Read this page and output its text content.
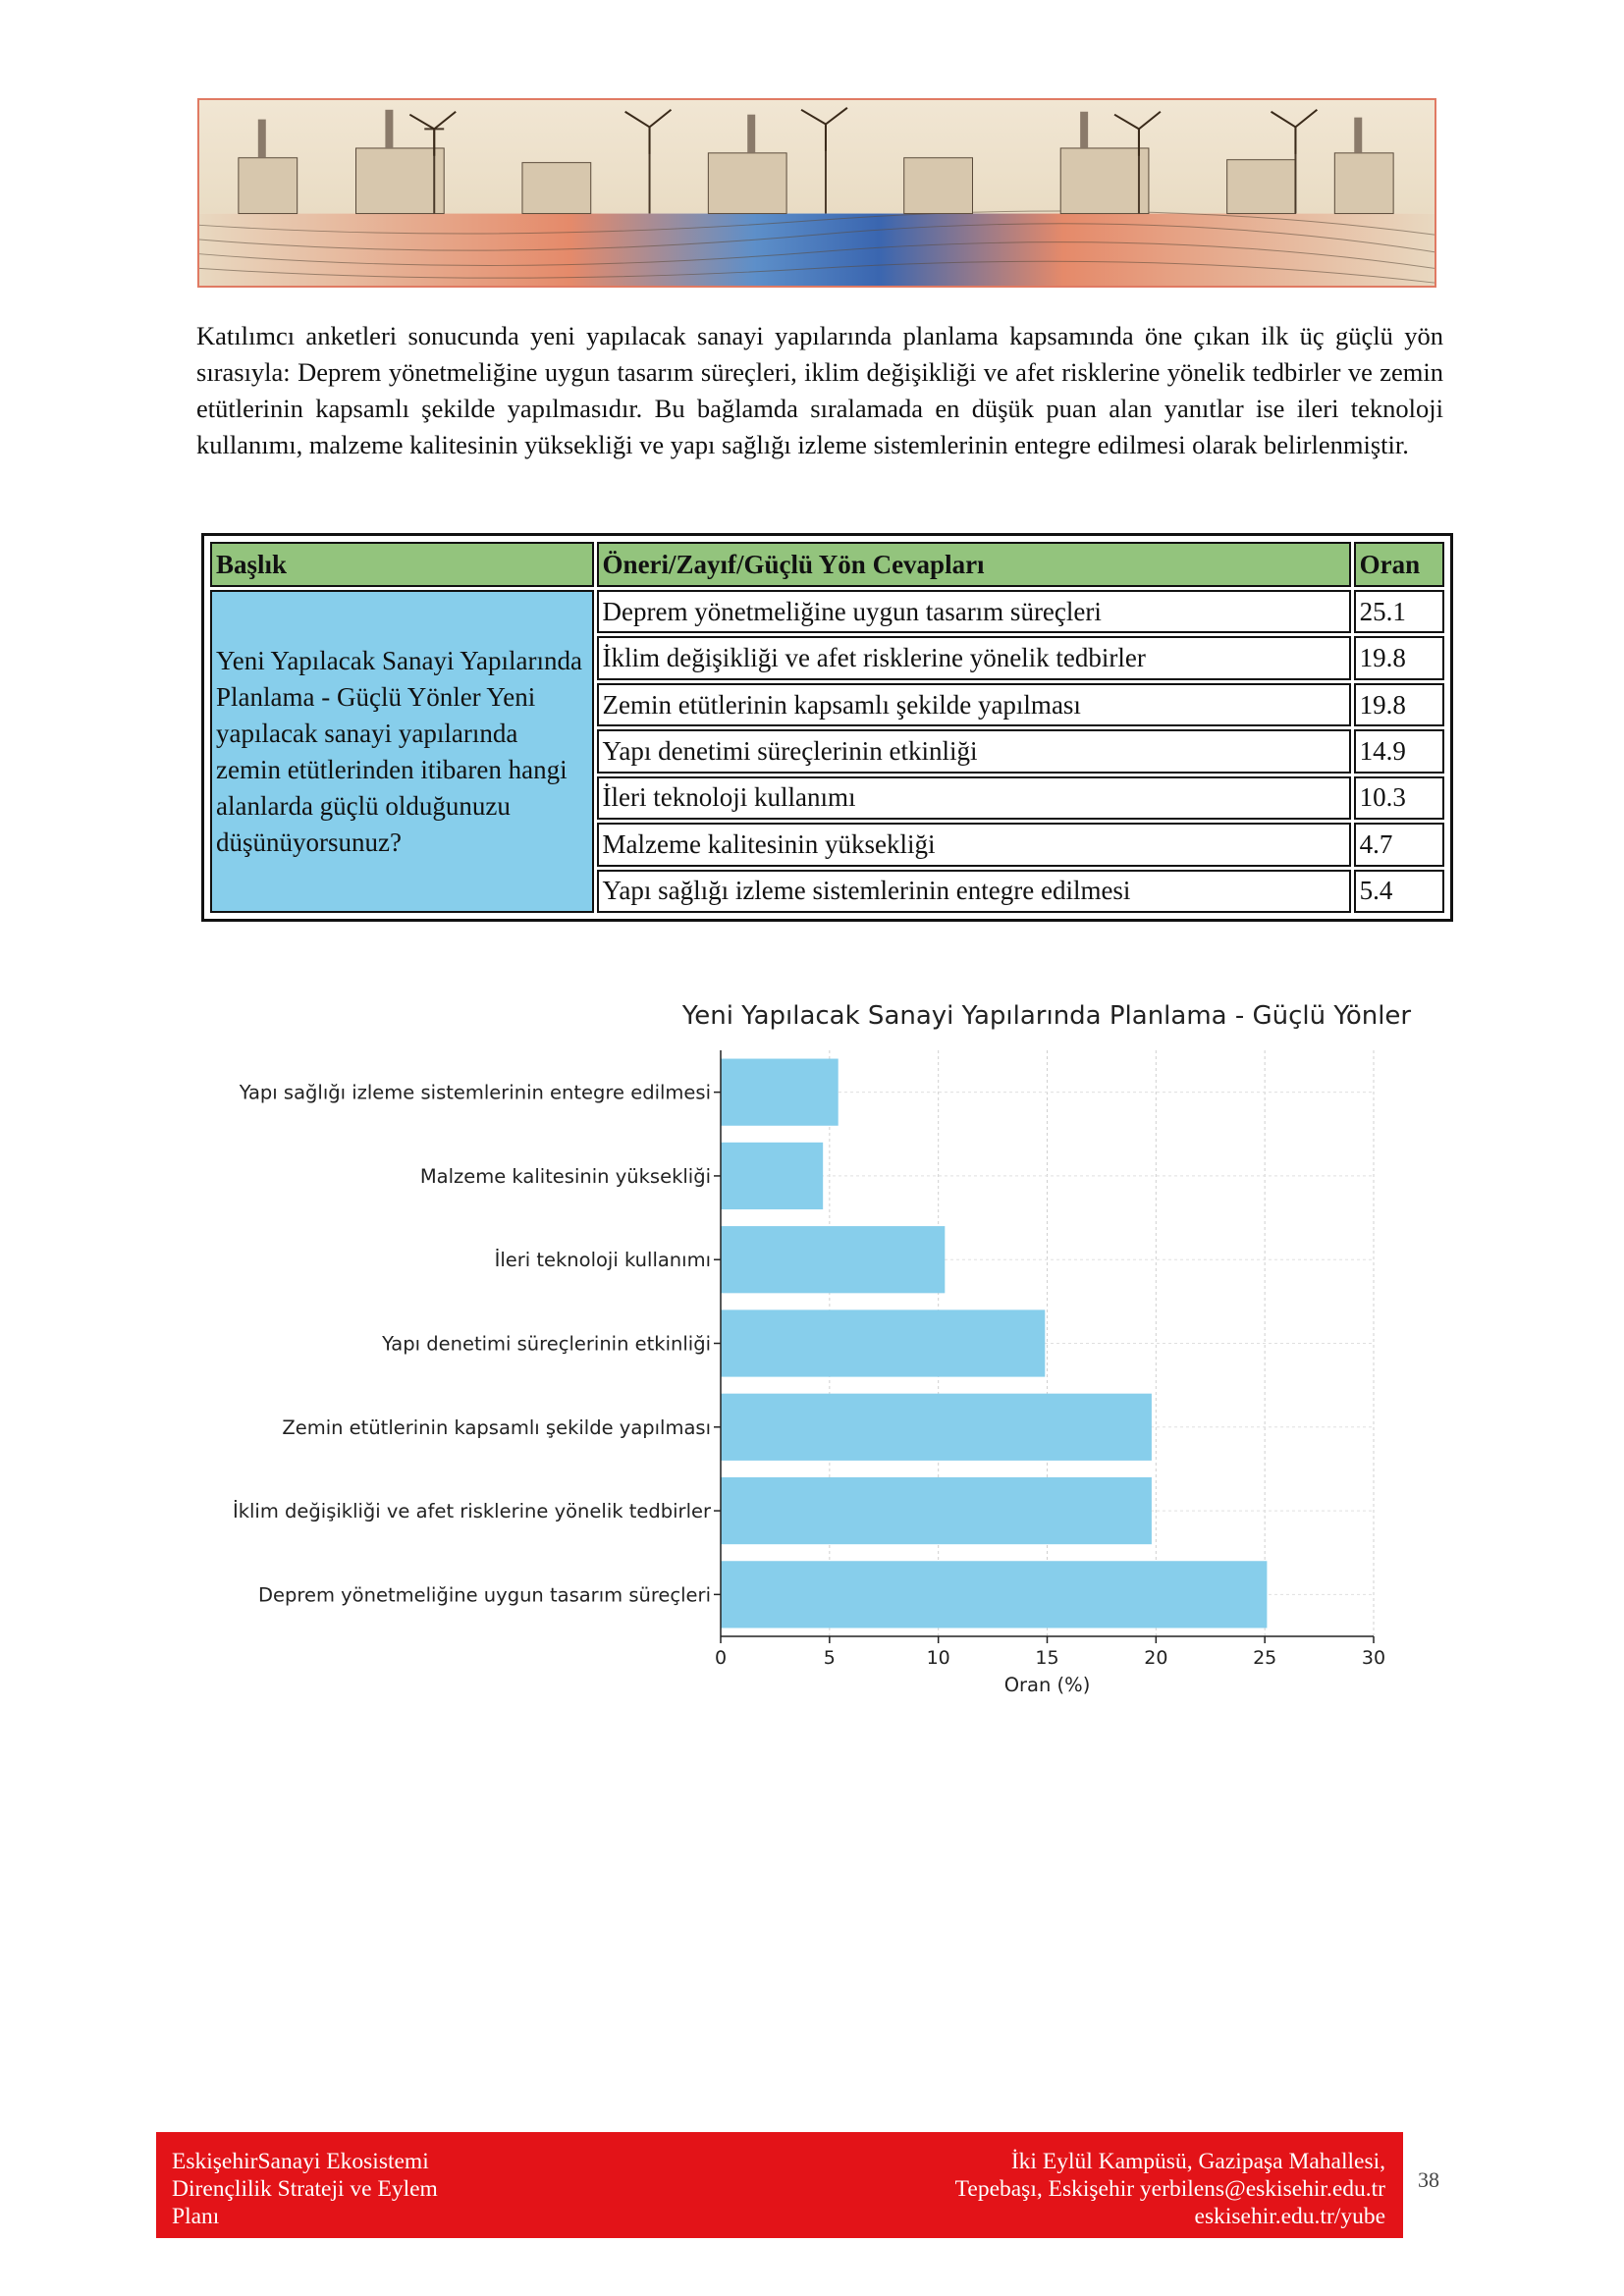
Katılımcı anketleri sonucunda yeni yapılacak sanayi yapılarında planlama kapsamında öne çıkan ilk üç güçlü yön sırasıyla: Deprem yönetmeliğine uygun tasarım süreçleri, iklim değişikliği ve afet risklerine yönelik tedbirler ve zemin etütlerinin kapsamlı şekilde yapılmasıdır. Bu bağlamda sıralamada en düşük puan alan yanıtlar ise ileri teknoloji kullanımı, malzeme kalitesinin yüksekliği ve yapı sağlığı izleme sistemlerinin entegre edilmesi olarak belirlenmiştir.

Başlık	Öneri/Zayıf/Güçlü Yön Cevapları	Oran
Yeni Yapılacak Sanayi Yapılarında Planlama - Güçlü Yönler Yeni yapılacak sanayi yapılarında zemin etütlerinden itibaren hangi alanlarda güçlü olduğunuzu düşünüyorsunuz?	Deprem yönetmeliğine uygun tasarım süreçleri	25.1
	İklim değişikliği ve afet risklerine yönelik tedbirler	19.8
	Zemin etütlerinin kapsamlı şekilde yapılması	19.8
	Yapı denetimi süreçlerinin etkinliği	14.9
	İleri teknoloji kullanımı	10.3
	Malzeme kalitesinin yüksekliği	4.7
	Yapı sağlığı izleme sistemlerinin entegre edilmesi	5.4
0	5	10	15	20	25	30
Deprem yönetmeliğine uygun tasarım süreçleri
İklim değişikliği ve afet risklerine yönelik tedbirler
Zemin etütlerinin kapsamlı şekilde yapılması
Yapı denetimi süreçlerinin etkinliği
İleri teknoloji kullanımı
Malzeme kalitesinin yüksekliği
Yapı sağlığı izleme sistemlerinin entegre edilmesi
Yeni Yapılacak Sanayi Yapılarında Planlama - Güçlü Yönler
Oran (%)
EskişehirSanayi Ekosistemi
Dirençlilik Strateji ve Eylem
Planı
İki Eylül Kampüsü, Gazipaşa Mahallesi,
Tepebaşı, Eskişehir yerbilens@eskisehir.edu.tr
eskisehir.edu.tr/yube
38
